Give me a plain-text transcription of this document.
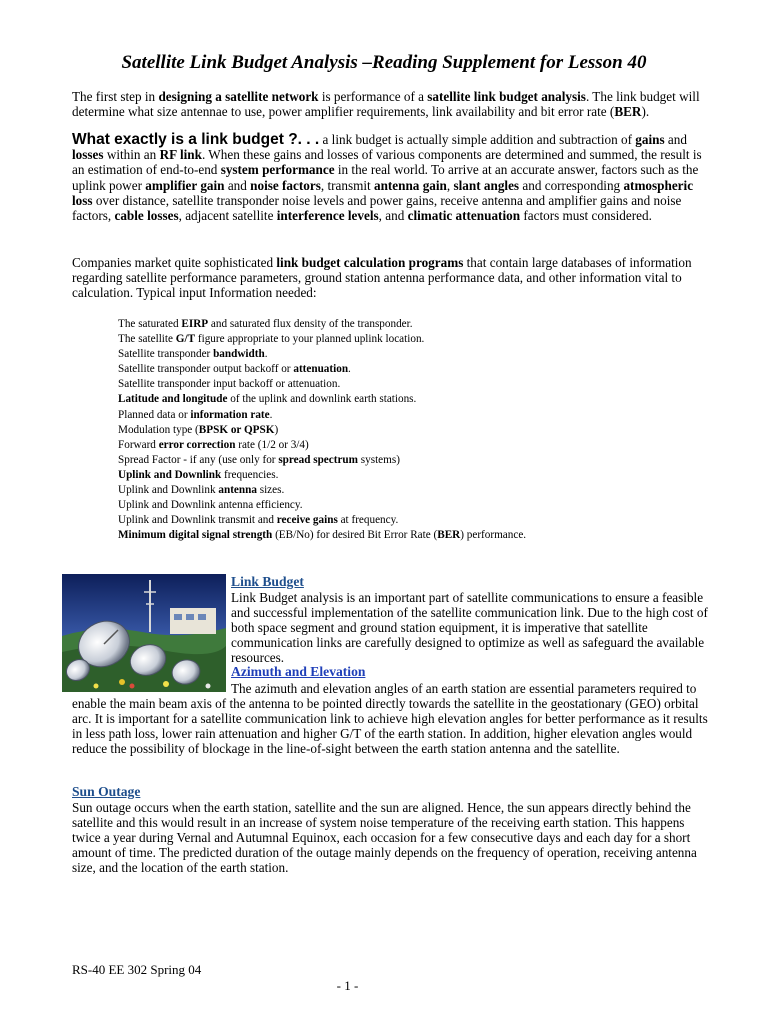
Satellite Link Budget Analysis –Reading Supplement for Lesson 40

The first step in designing a satellite network is performance of a satellite link budget analysis. The link budget will determine what size antennae to use, power amplifier requirements, link availability and bit error rate (BER).

What exactly is a link budget ?. . . a link budget is actually simple addition and subtraction of gains and losses within an RF link. When these gains and losses of various components are determined and summed, the result is an estimation of end-to-end system performance in the real world. To arrive at an accurate answer, factors such as the uplink power amplifier gain and noise factors, transmit antenna gain, slant angles and corresponding atmospheric loss over distance, satellite transponder noise levels and power gains, receive antenna and amplifier gains and noise factors, cable losses, adjacent satellite interference levels, and climatic attenuation factors must considered.

Companies market quite sophisticated link budget calculation programs that contain large databases of information regarding satellite performance parameters, ground station antenna performance data, and other information vital to calculation. Typical input Information needed:

The saturated EIRP and saturated flux density of the transponder.
The satellite G/T figure appropriate to your planned uplink location.
Satellite transponder bandwidth.
Satellite transponder output backoff or attenuation.
Satellite transponder input backoff or attenuation.
Latitude and longitude of the uplink and downlink earth stations.
Planned data or information rate.
Modulation type (BPSK or QPSK)
Forward error correction rate (1/2 or 3/4)
Spread Factor - if any (use only for spread spectrum systems)
Uplink and Downlink frequencies.
Uplink and Downlink antenna sizes.
Uplink and Downlink antenna efficiency.
Uplink and Downlink transmit and receive gains at frequency.
Minimum digital signal strength (EB/No) for desired Bit Error Rate (BER) performance.
Link Budget

Link Budget analysis is an important part of satellite communications to ensure a feasible and successful implementation of the satellite communication link. Due to the high cost of both space segment and ground station equipment, it is imperative that satellite communication links are carefully designed to optimize as well as safeguard the available resources.

Azimuth and Elevation

The azimuth and elevation angles of an earth station are essential parameters required to enable the main beam axis of the antenna to be pointed directly towards the satellite in the geostationary (GEO) orbital arc. It is important for a satellite communication link to achieve high elevation angles for better performance as it results in less path loss, lower rain attenuation and higher G/T of the earth station. In addition, higher elevation angles would reduce the possibility of blockage in the line-of-sight between the earth station antenna and the satellite.

Sun Outage

Sun outage occurs when the earth station, satellite and the sun are aligned. Hence, the sun appears directly behind the satellite and this would result in an increase of system noise temperature of the receiving earth station. This happens twice a year during Vernal and Autumnal Equinox, each occasion for a few consecutive days and each day for a short amount of time. The predicted duration of the outage mainly depends on the frequency of operation, receiving antenna size, and the location of the earth station.

RS-40 EE 302 Spring 04

- 1 -
